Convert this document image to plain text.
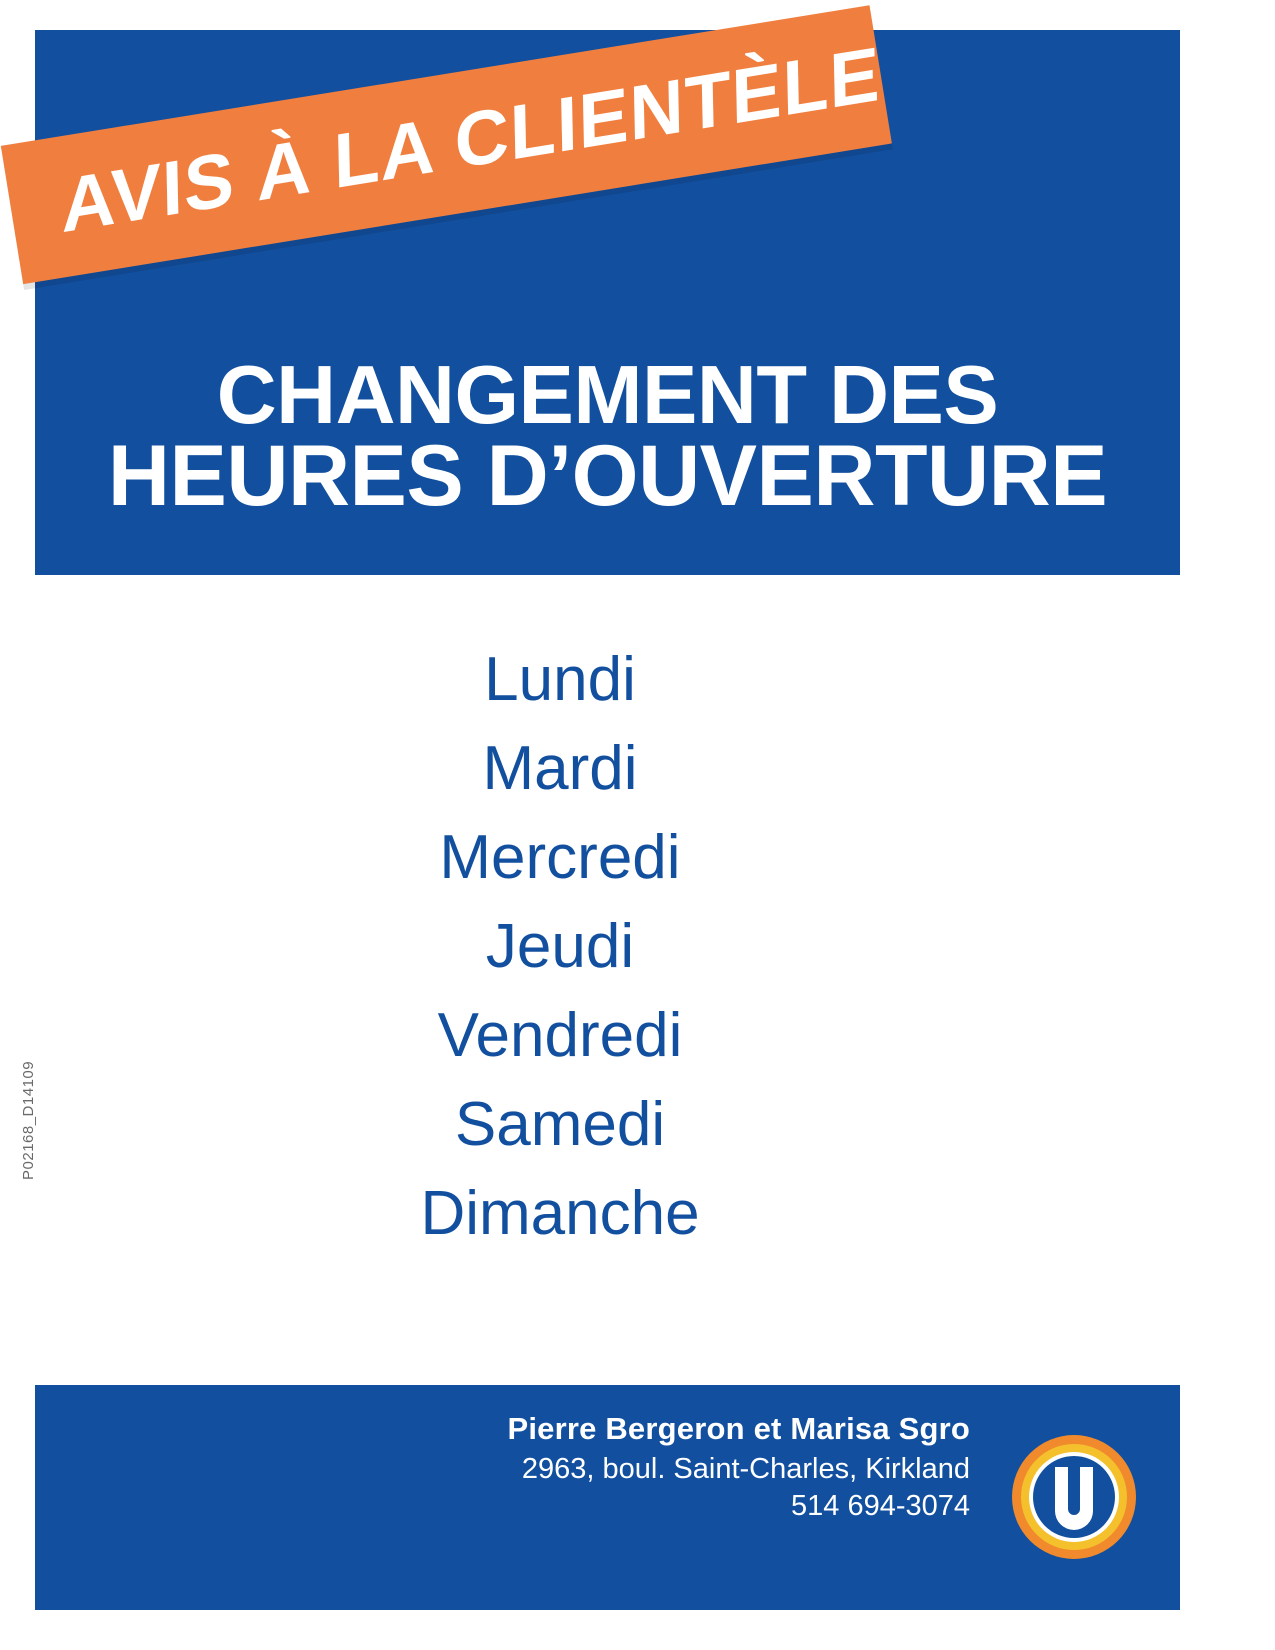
AVIS À LA CLIENTÈLE
CHANGEMENT DES
HEURES D’OUVERTURE
Lundi
Mardi
Mercredi
Jeudi
Vendredi
Samedi
Dimanche
P02168_D14109
Pierre Bergeron et Marisa Sgro
2963, boul. Saint-Charles, Kirkland
514 694-3074
